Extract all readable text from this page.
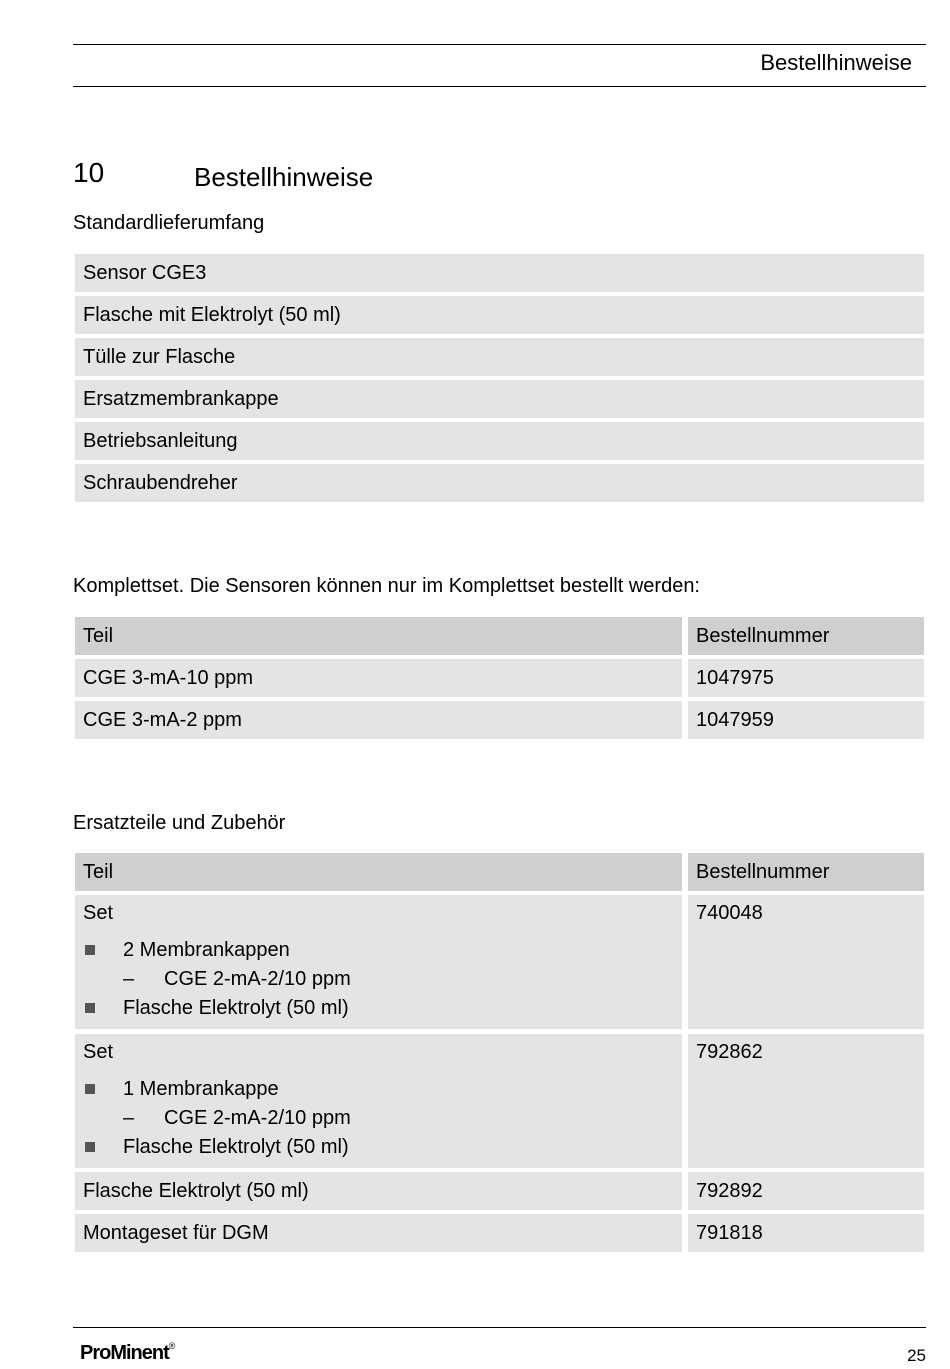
Bestellhinweise
10	Bestellhinweise
Standardlieferumfang
Sensor CGE3
Flasche mit Elektrolyt (50 ml)
Tülle zur Flasche
Ersatzmembrankappe
Betriebsanleitung
Schraubendreher
Komplettset. Die Sensoren können nur im Komplettset bestellt werden:
Teil	Bestellnummer
CGE 3-mA-10 ppm	1047975
CGE 3-mA-2 ppm	1047959
Ersatzteile und Zubehör
Teil	Bestellnummer
Set
2 Membrankappen
– CGE 2-mA-2/10 ppm
Flasche Elektrolyt (50 ml)
740048
Set
1 Membrankappe
– CGE 2-mA-2/10 ppm
Flasche Elektrolyt (50 ml)
792862
Flasche Elektrolyt (50 ml)	792892
Montageset für DGM	791818
ProMinent®	25
